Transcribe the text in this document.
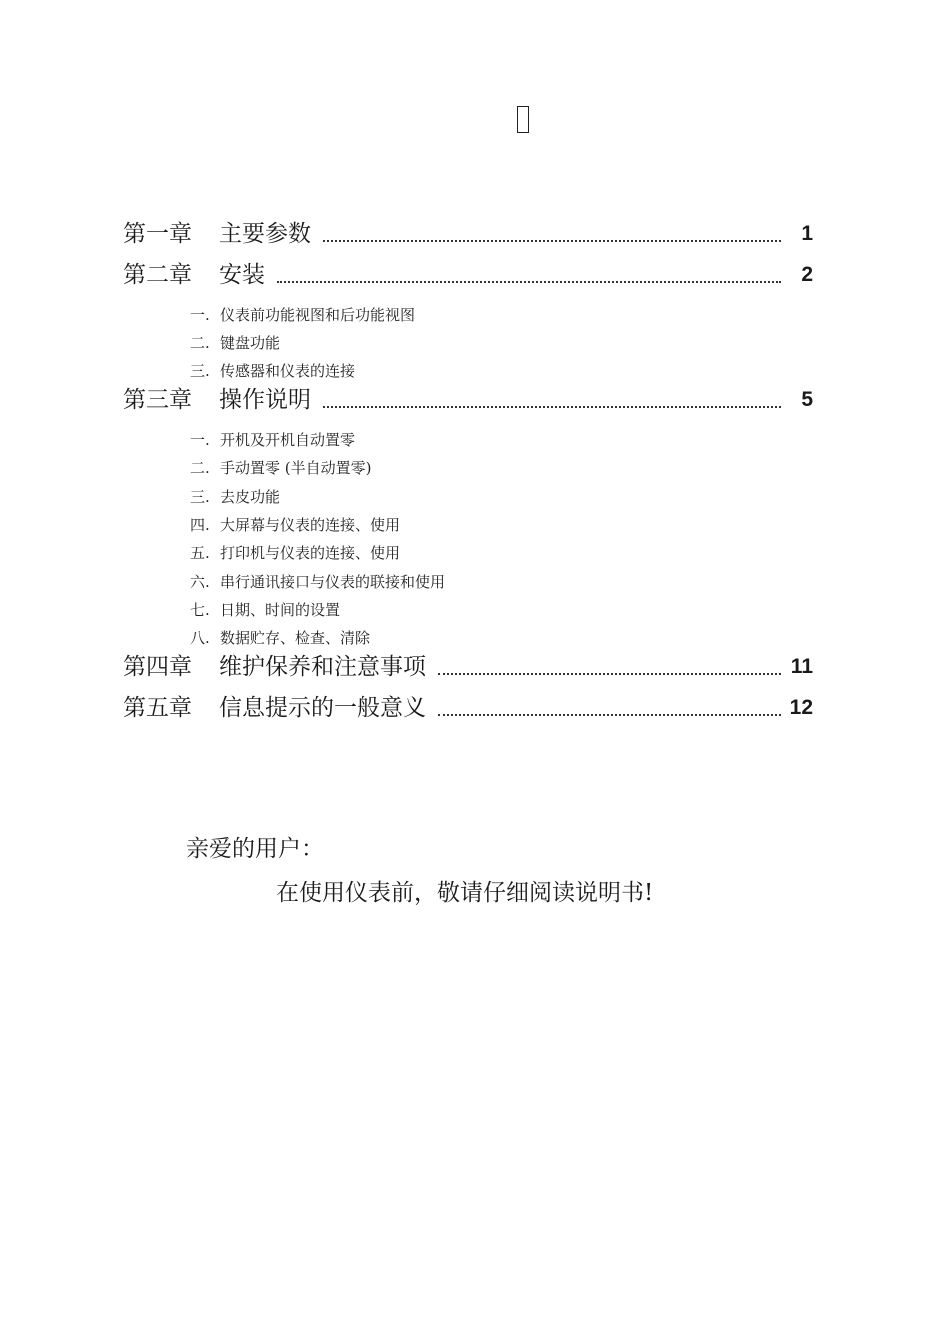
第一章	主要参数	1
第二章	安装	2
一. 仪表前功能视图和后功能视图
二. 键盘功能
三. 传感器和仪表的连接
第三章	操作说明	5
一. 开机及开机自动置零
二. 手动置零 (半自动置零)
三. 去皮功能
四. 大屏幕与仪表的连接、使用
五. 打印机与仪表的连接、使用
六. 串行通讯接口与仪表的联接和使用
七. 日期、时间的设置
八. 数据贮存、检查、清除
第四章	维护保养和注意事项	11
第五章	信息提示的一般意义	12
亲爱的用户：
在使用仪表前，敬请仔细阅读说明书!
